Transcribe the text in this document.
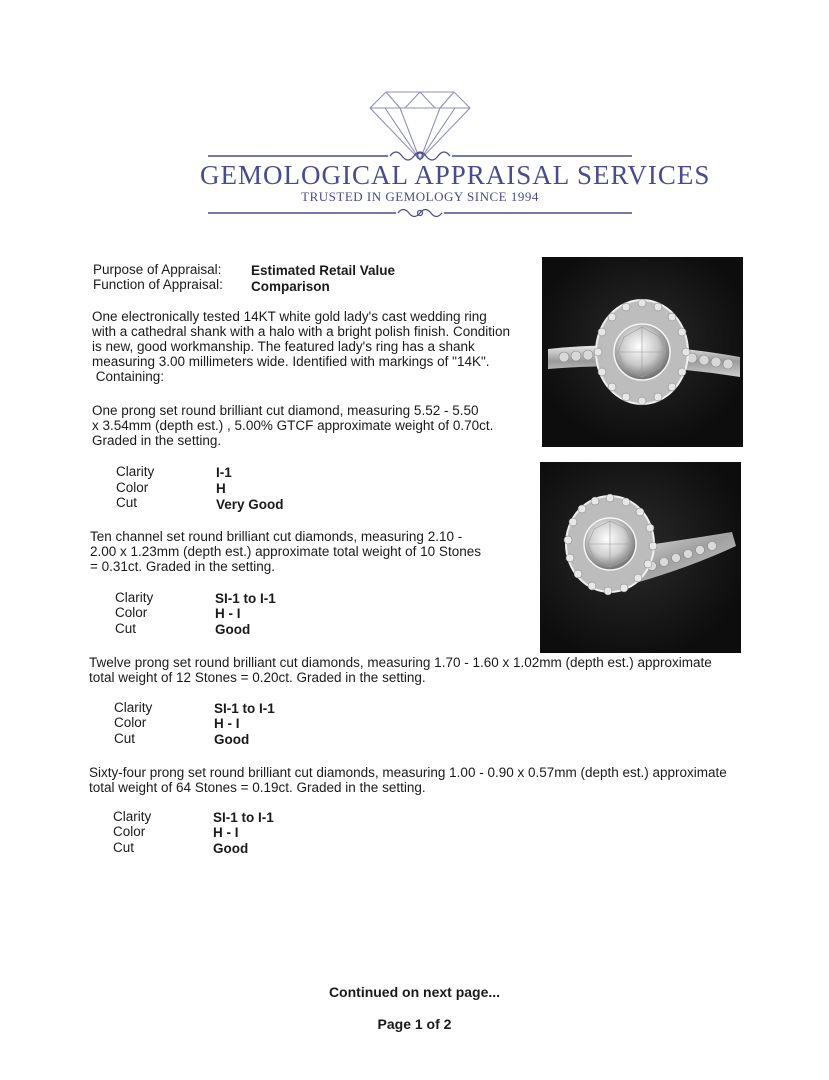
GEMOLOGICAL APPRAISAL SERVICES
TRUSTED IN GEMOLOGY SINCE 1994
Purpose of Appraisal: Estimated Retail Value
Function of Appraisal: Comparison
One electronically tested 14KT white gold lady's cast wedding ring
with a cathedral shank with a halo with a bright polish finish. Condition
is new, good workmanship. The featured lady's ring has a shank
measuring 3.00 millimeters wide. Identified with markings of "14K".
Containing:
One prong set round brilliant cut diamond, measuring 5.52 - 5.50
x 3.54mm (depth est.) , 5.00% GTCF approximate weight of 0.70ct.
Graded in the setting.
Clarity	I-1
Color	H
Cut	Very Good
Ten channel set round brilliant cut diamonds, measuring 2.10 -
2.00 x 1.23mm (depth est.) approximate total weight of 10 Stones
= 0.31ct. Graded in the setting.
Clarity	SI-1 to I-1
Color	H - I
Cut	Good
Twelve prong set round brilliant cut diamonds, measuring 1.70 - 1.60 x 1.02mm (depth est.) approximate
total weight of 12 Stones = 0.20ct. Graded in the setting.
Clarity	SI-1 to I-1
Color	H - I
Cut	Good
Sixty-four prong set round brilliant cut diamonds, measuring 1.00 - 0.90 x 0.57mm (depth est.) approximate
total weight of 64 Stones = 0.19ct. Graded in the setting.
Clarity	SI-1 to I-1
Color	H - I
Cut	Good
Continued on next page...
Page 1 of 2
